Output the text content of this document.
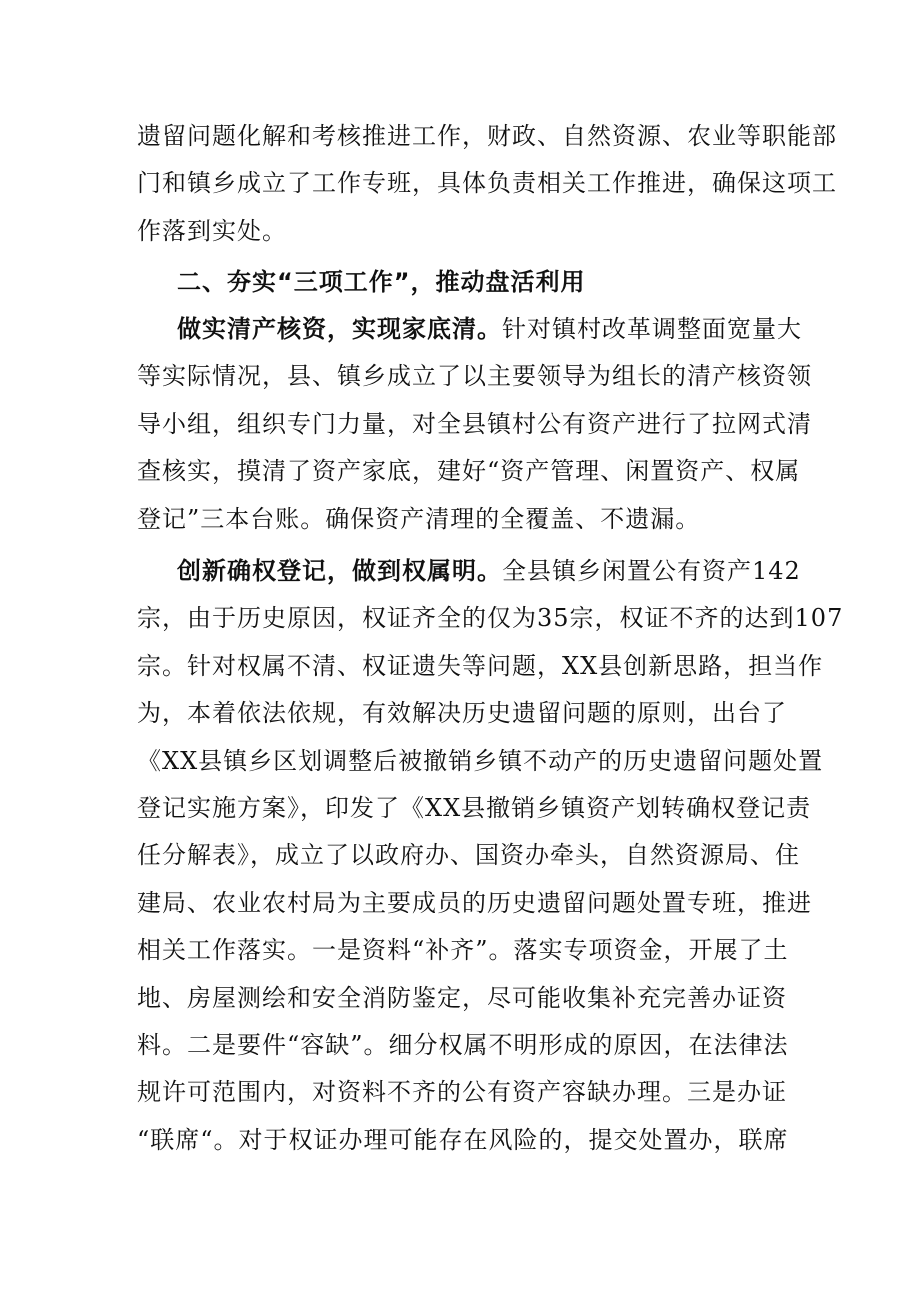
遗留问题化解和考核推进工作，财政、自然资源、农业等职能部
门和镇乡成立了工作专班，具体负责相关工作推进，确保这项工
作落到实处。
二、夯实“三项工作”，推动盘活利用
做实清产核资，实现家底清。针对镇村改革调整面宽量大
等实际情况，县、镇乡成立了以主要领导为组长的清产核资领
导小组，组织专门力量，对全县镇村公有资产进行了拉网式清
查核实，摸清了资产家底，建好“资产管理、闲置资产、权属
登记”三本台账。确保资产清理的全覆盖、不遗漏。
创新确权登记，做到权属明。全县镇乡闲置公有资产142
宗，由于历史原因，权证齐全的仅为35宗，权证不齐的达到107
宗。针对权属不清、权证遗失等问题，XX县创新思路，担当作
为，本着依法依规，有效解决历史遗留问题的原则，出台了
《XX县镇乡区划调整后被撤销乡镇不动产的历史遗留问题处置
登记实施方案》，印发了《XX县撤销乡镇资产划转确权登记责
任分解表》，成立了以政府办、国资办牵头，自然资源局、住
建局、农业农村局为主要成员的历史遗留问题处置专班，推进
相关工作落实。一是资料“补齐”。落实专项资金，开展了土
地、房屋测绘和安全消防鉴定，尽可能收集补充完善办证资
料。二是要件“容缺”。细分权属不明形成的原因，在法律法
规许可范围内，对资料不齐的公有资产容缺办理。三是办证
“联席“。对于权证办理可能存在风险的，提交处置办，联席
